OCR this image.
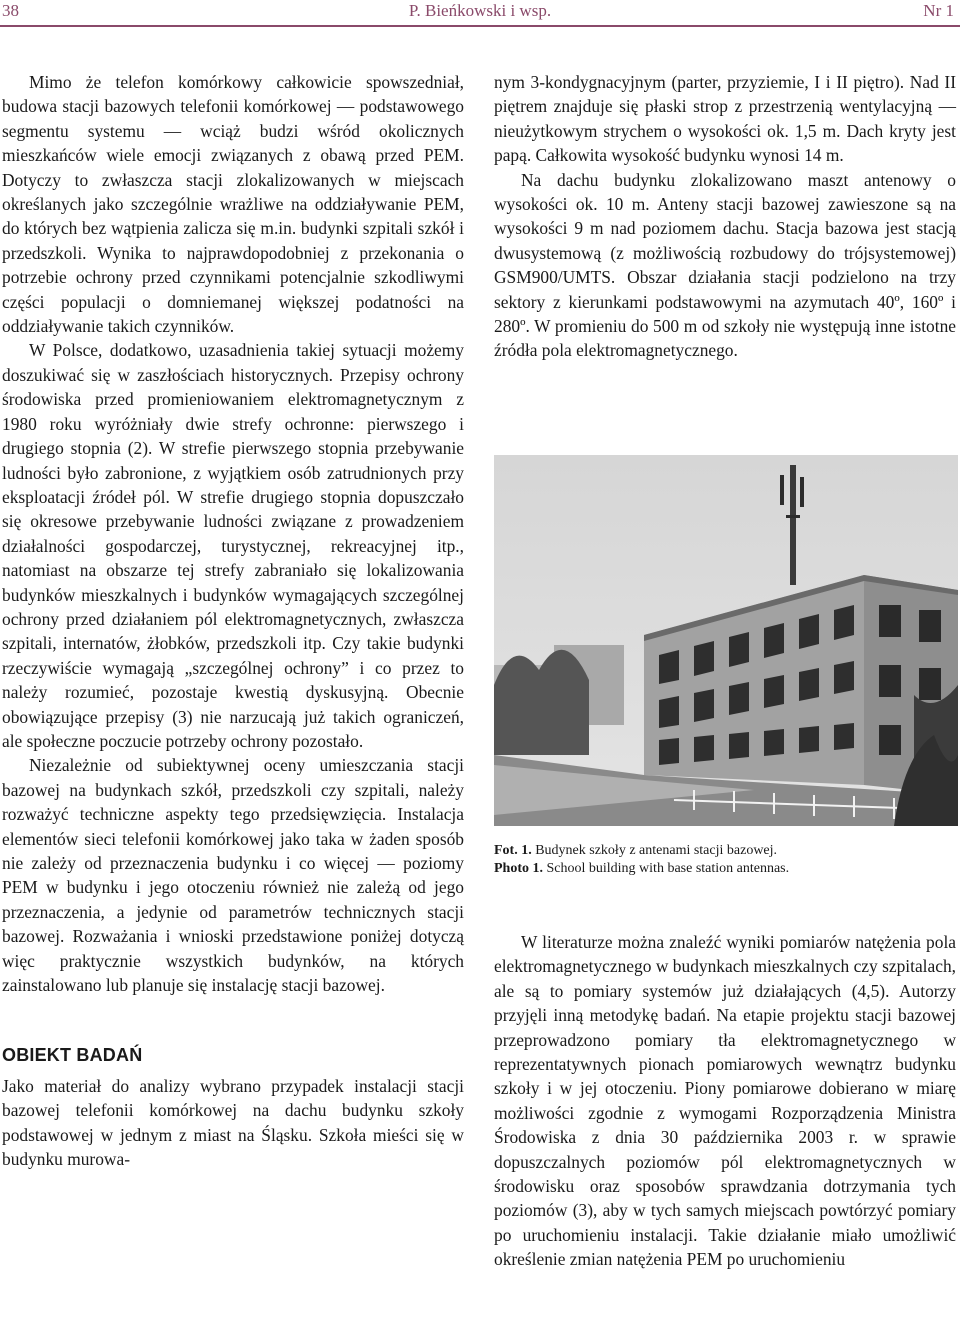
P. Bieńkowski i wsp.
38	Nr 1

Mimo że telefon komórkowy całkowicie spowszedniał, budowa stacji bazowych telefonii komórkowej — podstawowego segmentu systemu — wciąż budzi wśród okolicznych mieszkańców wiele emocji związanych z obawą przed PEM. Dotyczy to zwłaszcza stacji zlokalizowanych w miejscach określanych jako szczególnie wrażliwe na oddziaływanie PEM, do których bez wątpienia zalicza się m.in. budynki szpitali szkół i przedszkoli. Wynika to najprawdopodobniej z przekonania o potrzebie ochrony przed czynnikami potencjalnie szkodliwymi części populacji o domniemanej większej podatności na oddziaływanie takich czynników.

W Polsce, dodatkowo, uzasadnienia takiej sytuacji możemy doszukiwać się w zaszłościach historycznych. Przepisy ochrony środowiska przed promieniowaniem elektromagnetycznym z 1980 roku wyróżniały dwie strefy ochronne: pierwszego i drugiego stopnia (2). W strefie pierwszego stopnia przebywanie ludności było zabronione, z wyjątkiem osób zatrudnionych przy eksploatacji źródeł pól. W strefie drugiego stopnia dopuszczało się okresowe przebywanie ludności związane z prowadzeniem działalności gospodarczej, turystycznej, rekreacyjnej itp., natomiast na obszarze tej strefy zabraniało się lokalizowania budynków mieszkalnych i budynków wymagających szczególnej ochrony przed działaniem pól elektromagnetycznych, zwłaszcza szpitali, internatów, żłobków, przedszkoli itp. Czy takie budynki rzeczywiście wymagają „szczególnej ochrony” i co przez to należy rozumieć, pozostaje kwestią dyskusyjną. Obecnie obowiązujące przepisy (3) nie narzucają już takich ograniczeń, ale społeczne poczucie potrzeby ochrony pozostało.

Niezależnie od subiektywnej oceny umieszczania stacji bazowej na budynkach szkół, przedszkoli czy szpitali, należy rozważyć techniczne aspekty tego przedsięwzięcia. Instalacja elementów sieci telefonii komórkowej jako taka w żaden sposób nie zależy od przeznaczenia budynku i co więcej — poziomy PEM w budynku i jego otoczeniu również nie zależą od jego przeznaczenia, a jedynie od parametrów technicznych stacji bazowej. Rozważania i wnioski przedstawione poniżej dotyczą więc praktycznie wszystkich budynków, na których zainstalowano lub planuje się instalację stacji bazowej.

OBIEKT BADAŃ

Jako materiał do analizy wybrano przypadek instalacji stacji bazowej telefonii komórkowej na dachu budynku szkoły podstawowej w jednym z miast na Śląsku. Szkoła mieści się w budynku murowa-

nym 3-kondygnacyjnym (parter, przyziemie, I i II piętro). Nad II piętrem znajduje się płaski strop z przestrzenią wentylacyjną — nieużytkowym strychem o wysokości ok. 1,5 m. Dach kryty jest papą. Całkowita wysokość budynku wynosi 14 m.

Na dachu budynku zlokalizowano maszt antenowy o wysokości ok. 10 m. Anteny stacji bazowej zawieszone są na wysokości 9 m nad poziomem dachu. Stacja bazowa jest stacją dwusystemową (z możliwością rozbudowy do trójsystemowej) GSM900/UMTS. Obszar działania stacji podzielono na trzy sektory z kierunkami podstawowymi na azymutach 40º, 160º i 280º. W promieniu do 500 m od szkoły nie występują inne istotne źródła pola elektromagnetycznego.

Fot. 1. Budynek szkoły z antenami stacji bazowej.
Photo 1. School building with base station antennas.

W literaturze można znaleźć wyniki pomiarów natężenia pola elektromagnetycznego w budynkach mieszkalnych czy szpitalach, ale są to pomiary systemów już działających (4,5). Autorzy przyjęli inną metodykę badań. Na etapie projektu stacji bazowej przeprowadzono pomiary tła elektromagnetycznego w reprezentatywnych pionach pomiarowych wewnątrz budynku szkoły i w jej otoczeniu. Piony pomiarowe dobierano w miarę możliwości zgodnie z wymogami Rozporządzenia Ministra Środowiska z dnia 30 października 2003 r. w sprawie dopuszczalnych poziomów pól elektromagnetycznych w środowisku oraz sposobów sprawdzania dotrzymania tych poziomów (3), aby w tych samych miejscach powtórzyć pomiary po uruchomieniu instalacji. Takie działanie miało umożliwić określenie zmian natężenia PEM po uruchomieniu
